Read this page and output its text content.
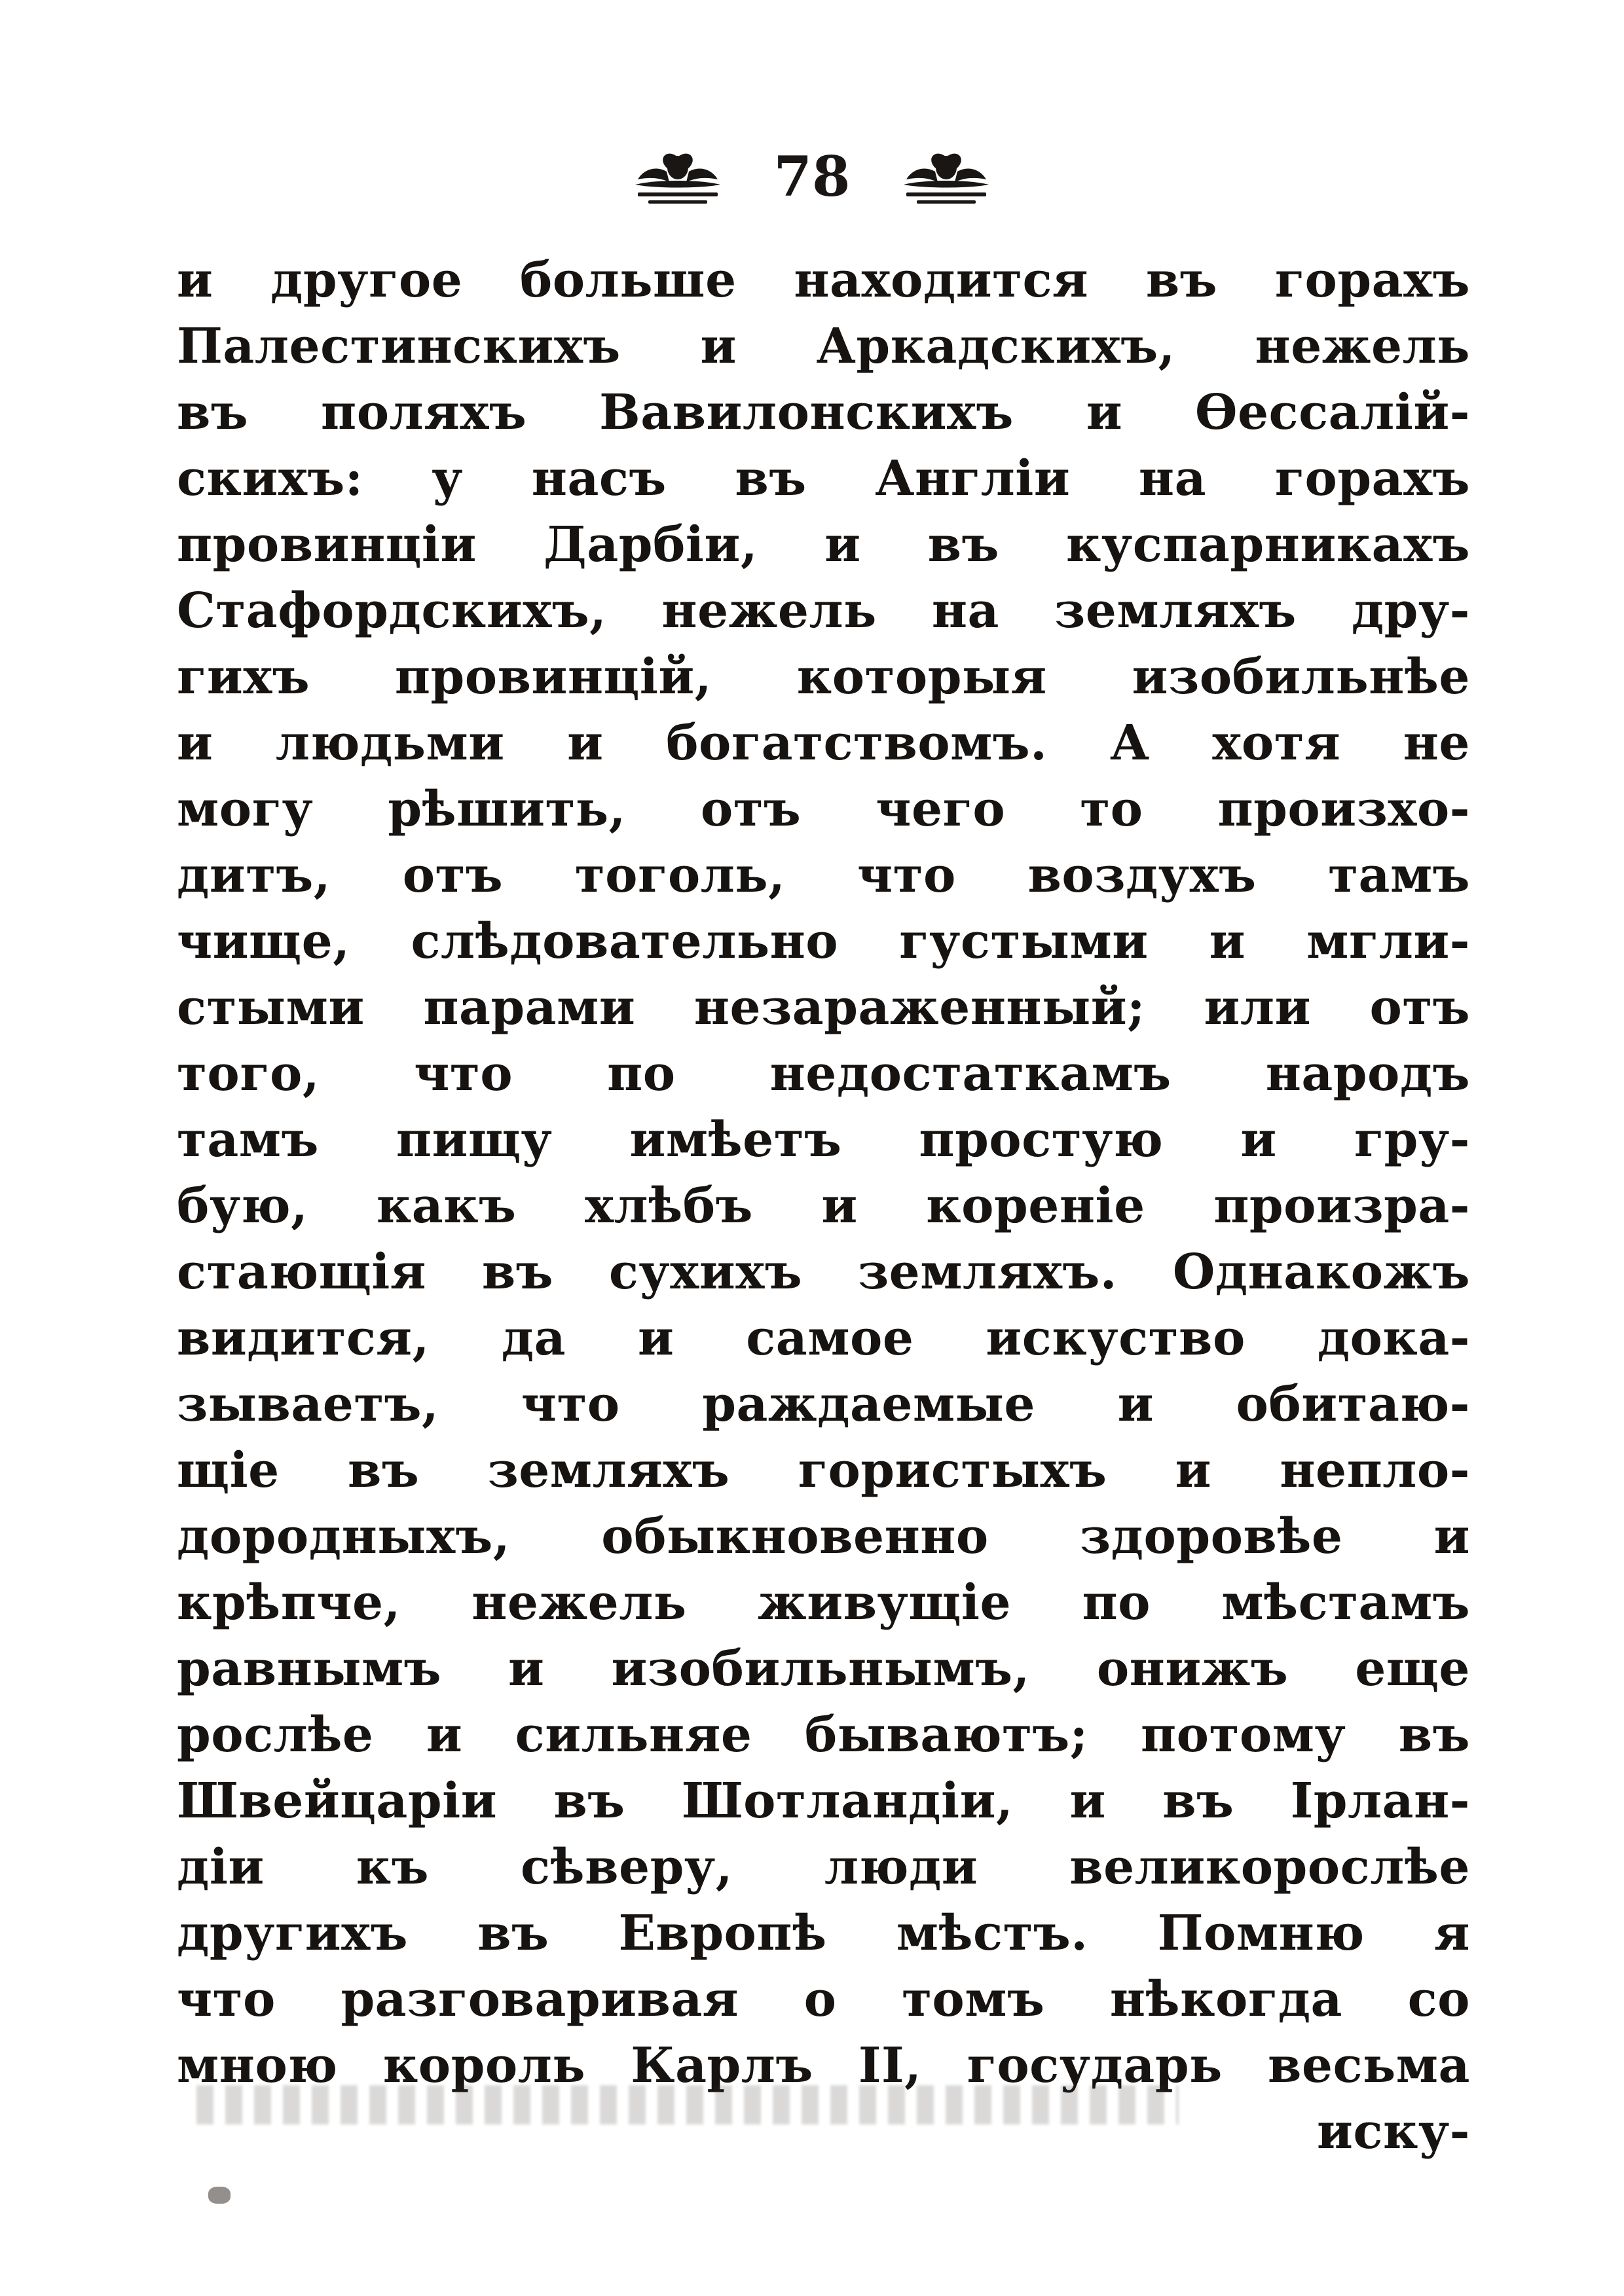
78
и другое больше находится въ горахъ
Палестинскихъ и Аркадскихъ, нежель
въ поляхъ Вавилонскихъ и Ѳессалій-
скихъ: у насъ въ Англіи на горахъ
провинціи Дарбіи, и въ куспарникахъ
Стафордскихъ, нежель на земляхъ дру-
гихъ провинцій, которыя изобильнѣе
и людьми и богатствомъ. А хотя не
могу рѣшить, отъ чего то произхо-
дитъ, отъ тоголь, что воздухъ тамъ
чище, слѣдовательно густыми и мгли-
стыми парами незараженный; или отъ
того, что по недостаткамъ народъ
тамъ пищу имѣетъ простую и гру-
бую, какъ хлѣбъ и кореніе произра-
стающія въ сухихъ земляхъ. Однакожъ
видится, да и самое искуство дока-
зываетъ, что раждаемые и обитаю-
щіе въ земляхъ гористыхъ и непло-
дородныхъ, обыкновенно здоровѣе и
крѣпче, нежель живущіе по мѣстамъ
равнымъ и изобильнымъ, онижъ еще
рослѣе и сильняе бываютъ; потому въ
Швейцаріи въ Шотландіи, и въ Ірлан-
діи къ сѣверу, люди великорослѣе
другихъ въ Европѣ мѣстъ. Помню я
что разговаривая о томъ нѣкогда со
мною король Карлъ II, государь весьма
иску-
